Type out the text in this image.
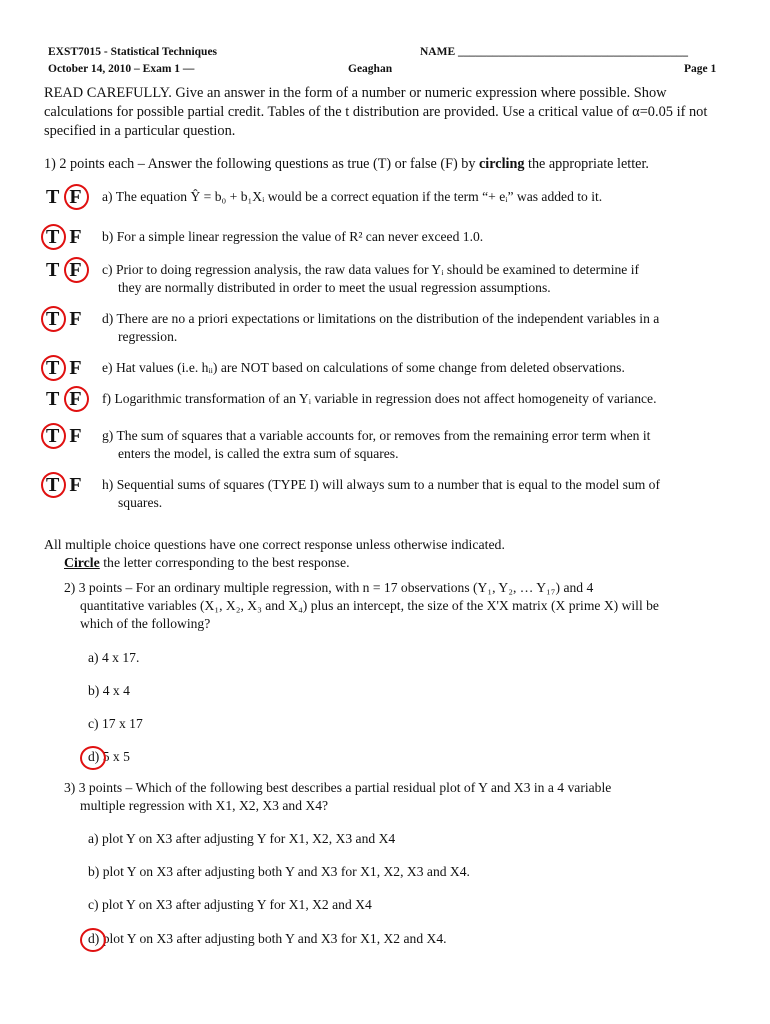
EXST7015 - Statistical Techniques
October 14, 2010 – Exam 1 —
NAME ________________________________________
Geaghan	Page 1
READ CAREFULLY. Give an answer in the form of a number or numeric expression where possible. Show calculations for possible partial credit. Tables of the t distribution are provided. Use a critical value of α=0.05 if not specified in a particular question.
1) 2 points each – Answer the following questions as true (T) or false (F) by circling the appropriate letter.
T F a) The equation Ŷ = b₀ + b₁Xᵢ would be a correct equation if the term “+ eᵢ” was added to it.
T F b) For a simple linear regression the value of R² can never exceed 1.0.
T F c) Prior to doing regression analysis, the raw data values for Yᵢ should be examined to determine if
they are normally distributed in order to meet the usual regression assumptions.
T F d) There are no a priori expectations or limitations on the distribution of the independent variables in a
regression.
T F e) Hat values (i.e. hᵢᵢ) are NOT based on calculations of some change from deleted observations.
T F f) Logarithmic transformation of an Yᵢ variable in regression does not affect homogeneity of variance.
T F g) The sum of squares that a variable accounts for, or removes from the remaining error term when it
enters the model, is called the extra sum of squares.
T F h) Sequential sums of squares (TYPE I) will always sum to a number that is equal to the model sum of
squares.
All multiple choice questions have one correct response unless otherwise indicated.
Circle the letter corresponding to the best response.
2) 3 points – For an ordinary multiple regression, with n = 17 observations (Y₁, Y₂, … Y₁₇) and 4
quantitative variables (X₁, X₂, X₃ and X₄) plus an intercept, the size of the X'X matrix (X prime X) will be
which of the following?
a) 4 x 17.
b) 4 x 4
c) 17 x 17
d) 5 x 5
3) 3 points – Which of the following best describes a partial residual plot of Y and X3 in a 4 variable
multiple regression with X1, X2, X3 and X4?
a) plot Y on X3 after adjusting Y for X1, X2, X3 and X4
b) plot Y on X3 after adjusting both Y and X3 for X1, X2, X3 and X4.
c) plot Y on X3 after adjusting Y for X1, X2 and X4
d) plot Y on X3 after adjusting both Y and X3 for X1, X2 and X4.
